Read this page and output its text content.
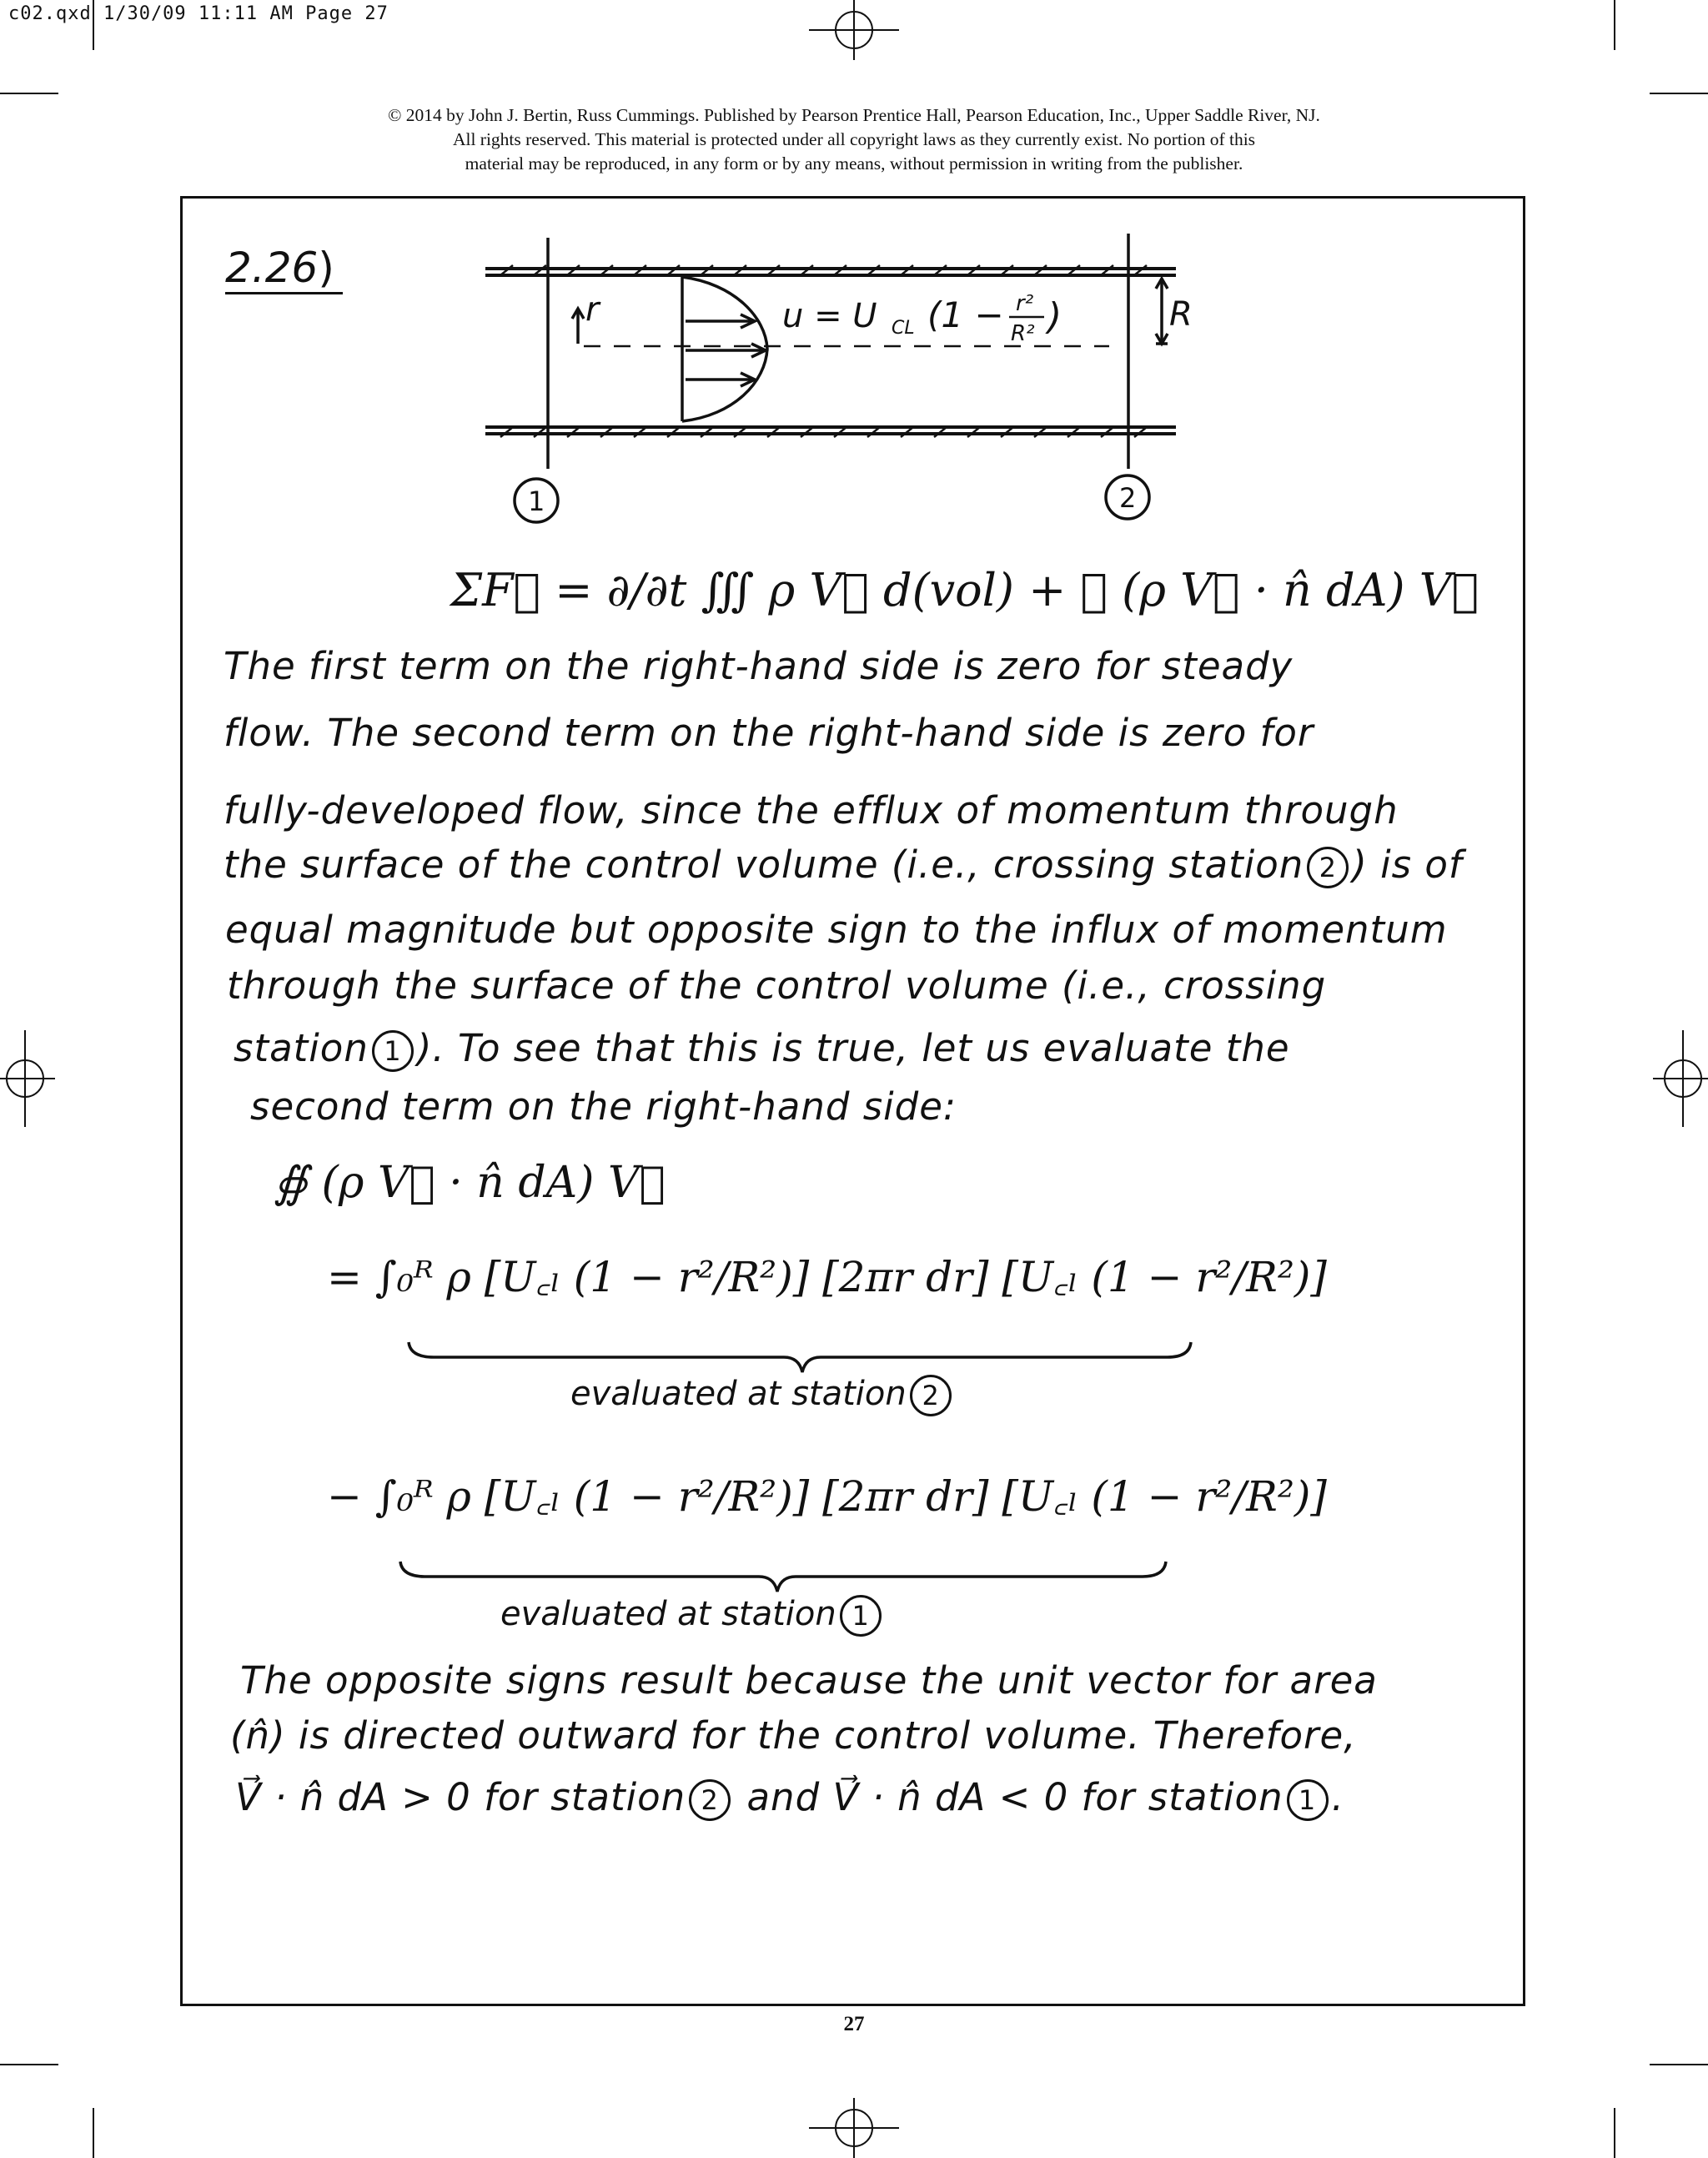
c02.qxd 1/30/09 11:11 AM Page 27
© 2014 by John J. Bertin, Russ Cummings. Published by Pearson Prentice Hall, Pearson Education, Inc., Upper Saddle River, NJ.
All rights reserved. This material is protected under all copyright laws as they currently exist. No portion of this
material may be reproduced, in any form or by any means, without permission in writing from the publisher.
2.26)
r	R
u = U CL (1 − r²
R² )
1	2
ΣF⃗ = ∂/∂t ∭ ρ V⃗ d(vol) + ∯ (ρ V⃗ · n̂ dA) V⃗
The first term on the right-hand side is zero for steady
flow. The second term on the right-hand side is zero for
fully-developed flow, since the efflux of momentum through
the surface of the control volume (i.e., crossing station 2 ) is of
equal magnitude but opposite sign to the influx of momentum
through the surface of the control volume (i.e., crossing
station 1 ). To see that this is true, let us evaluate the
second term on the right-hand side:
∯ (ρ V⃗ · n̂ dA) V⃗
= ∫₀ᴿ ρ [U꜀ₗ (1 − r²/R²)] [2πr dr] [U꜀ₗ (1 − r²/R²)]
evaluated at station 2
− ∫₀ᴿ ρ [U꜀ₗ (1 − r²/R²)] [2πr dr] [U꜀ₗ (1 − r²/R²)]
evaluated at station 1
The opposite signs result because the unit vector for area
(n̂) is directed outward for the control volume. Therefore,
V⃗ · n̂ dA > 0 for station 2 and V⃗ · n̂ dA < 0 for station 1 .
27
